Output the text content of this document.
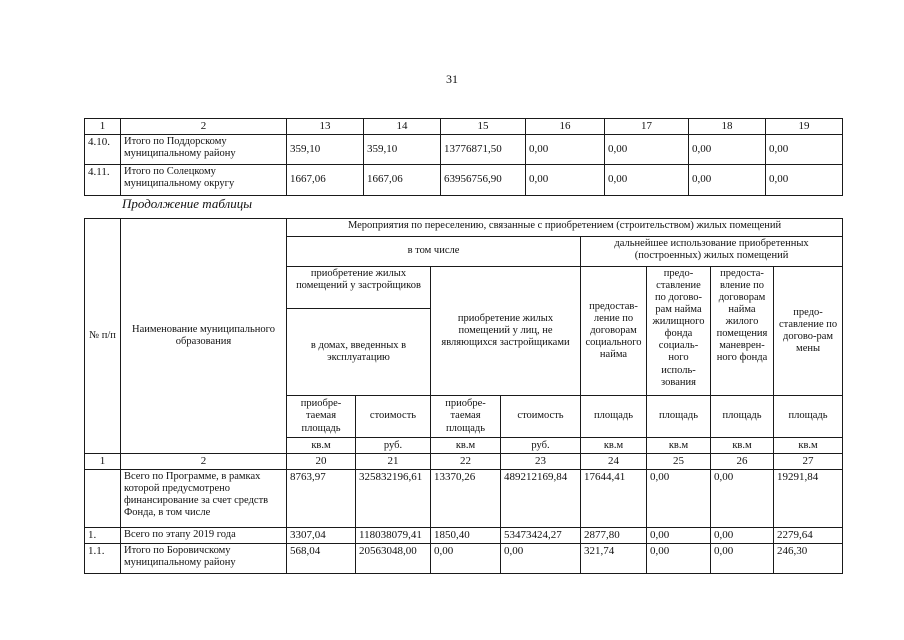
31
1	2	13	14	15	16	17	18	19
4.10.	Итого по Поддорскому муниципальному району	359,10	359,10	13776871,50	0,00	0,00	0,00	0,00
4.11.	Итого по Солецкому муниципальному округу	1667,06	1667,06	63956756,90	0,00	0,00	0,00	0,00
Продолжение таблицы
№ п/п	Наименование муниципального образования	Мероприятия по переселению, связанные с приобретением (строительством) жилых помещений							
		в том числе				дальнейшее использование приобретенных (построенных) жилых помещений			
		приобретение жилых помещений у застройщиков		приобретение жилых помещений у лиц, не являющихся застройщиками		предостав-ление по договорам социального найма	предо-ставление по догово-рам найма жилищного фонда социаль-ного исполь-зования	предоста-вление по договорам найма жилого помещения маневрен-ного фонда	предо-ставление по догово-рам мены
		в домах, введенных в эксплуатацию							
		приобре-таемая площадь	стоимость	приобре-таемая площадь	стоимость	площадь	площадь	площадь	площадь
		кв.м	руб.	кв.м	руб.	кв.м	кв.м	кв.м	кв.м
1	2	20	21	22	23	24	25	26	27
	Всего по Программе, в рамках которой предусмотрено финансирование за счет средств Фонда, в том числе	8763,97	325832196,61	13370,26	489212169,84	17644,41	0,00	0,00	19291,84
1.	Всего по этапу 2019 года	3307,04	118038079,41	1850,40	53473424,27	2877,80	0,00	0,00	2279,64
1.1.	Итого по Боровичскому муниципальному району	568,04	20563048,00	0,00	0,00	321,74	0,00	0,00	246,30
